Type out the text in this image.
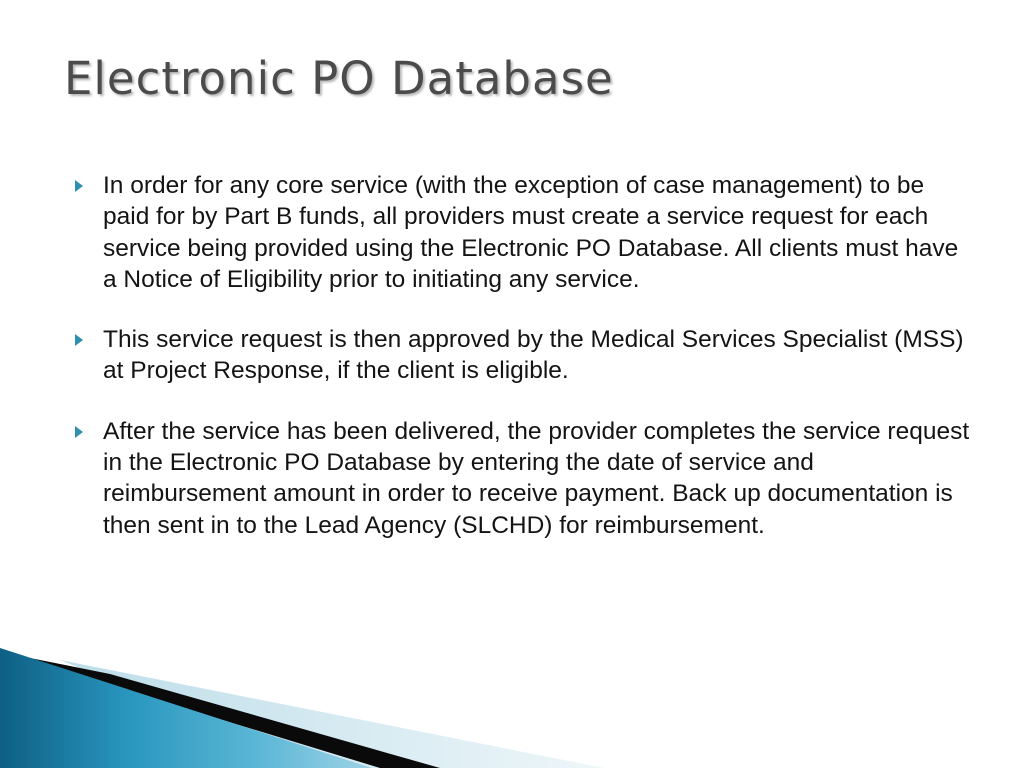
Electronic PO Database
In order for any core service (with the exception of case management) to be paid for by Part B funds, all providers must create a service request for each service being provided using the Electronic PO Database. All clients must have a Notice of Eligibility prior to initiating any service.
This service request is then approved by the Medical Services Specialist (MSS) at Project Response, if the client is eligible.
After the service has been delivered, the provider completes the service request in the Electronic PO Database by entering the date of service and reimbursement amount in order to receive payment. Back up documentation is then sent in to the Lead Agency (SLCHD) for reimbursement.
